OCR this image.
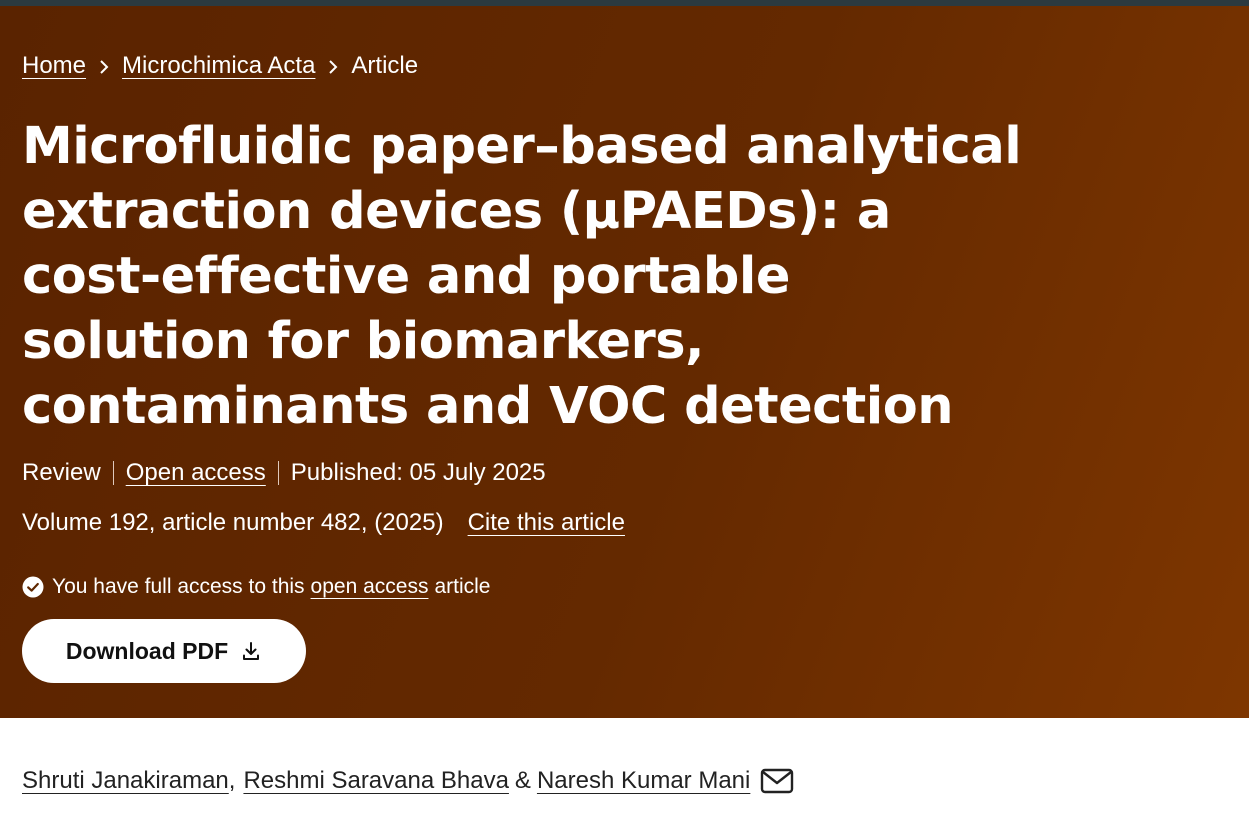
Home Microchimica Acta Article
Microfluidic paper–based analytical extraction devices (μPAEDs): a cost-effective and portable solution for biomarkers, contaminants and VOC detection
Review Open access Published: 05 July 2025
Volume 192, article number 482, (2025) Cite this article
You have full access to this open access article
Download PDF
Shruti Janakiraman , Reshmi Saravana Bhava & Naresh Kumar Mani
